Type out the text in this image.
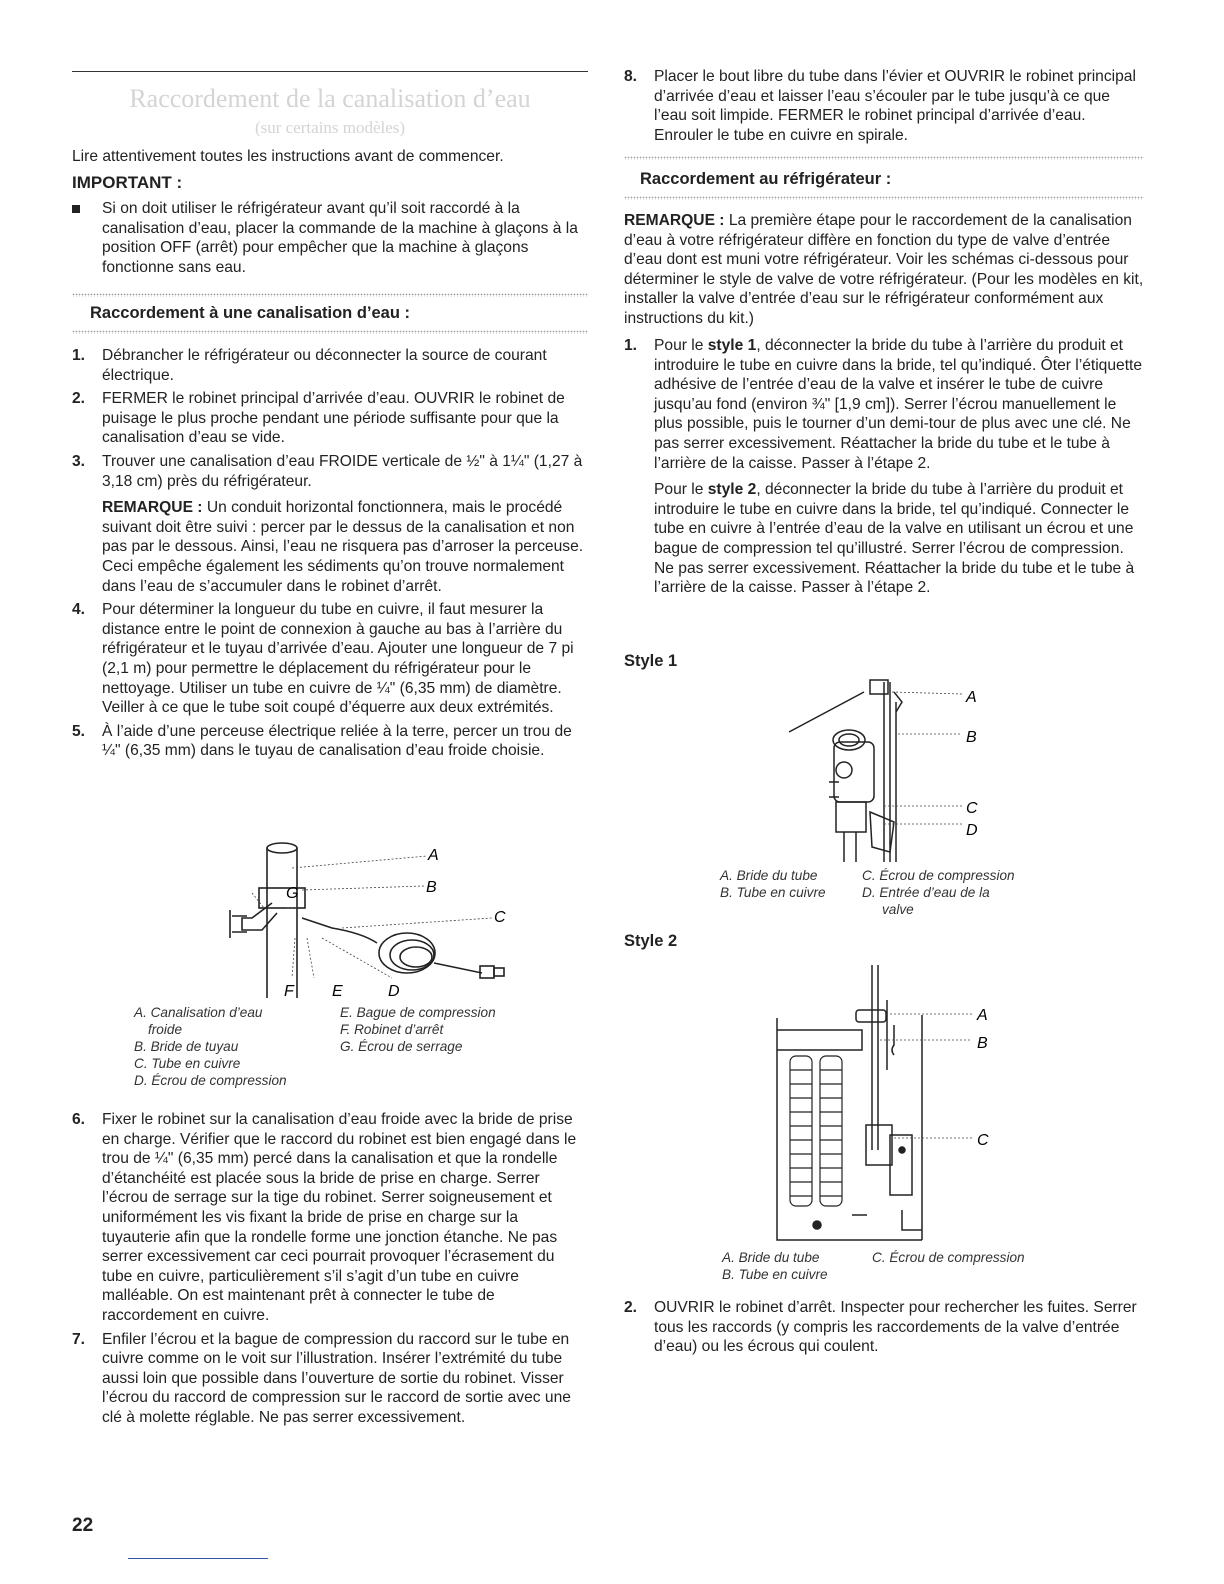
Raccordement de la canalisation d’eau
(sur certains modèles)

Lire attentivement toutes les instructions avant de commencer.

IMPORTANT :

Si on doit utiliser le réfrigérateur avant qu’il soit raccordé à la canalisation d’eau, placer la commande de la machine à glaçons à la position OFF (arrêt) pour empêcher que la machine à glaçons fonctionne sans eau.

Raccordement à une canalisation d’eau :
1. Débrancher le réfrigérateur ou déconnecter la source de courant électrique.

2. FERMER le robinet principal d’arrivée d’eau. OUVRIR le robinet de puisage le plus proche pendant une période suffisante pour que la canalisation d’eau se vide.

3. Trouver une canalisation d’eau FROIDE verticale de ½" à 1¼" (1,27 à 3,18 cm) près du réfrigérateur.

REMARQUE : Un conduit horizontal fonctionnera, mais le procédé suivant doit être suivi : percer par le dessus de la canalisation et non pas par le dessous. Ainsi, l’eau ne risquera pas d’arroser la perceuse. Ceci empêche également les sédiments qu’on trouve normalement dans l’eau de s’accumuler dans le robinet d’arrêt.

4. Pour déterminer la longueur du tube en cuivre, il faut mesurer la distance entre le point de connexion à gauche au bas à l’arrière du réfrigérateur et le tuyau d’arrivée d’eau. Ajouter une longueur de 7 pi (2,1 m) pour permettre le déplacement du réfrigérateur pour le nettoyage. Utiliser un tube en cuivre de ¼" (6,35 mm) de diamètre. Veiller à ce que le tube soit coupé d’équerre aux deux extrémités.

5. À l’aide d’une perceuse électrique reliée à la terre, percer un trou de ¼" (6,35 mm) dans le tuyau de canalisation d’eau froide choisie.

A
B
C
F E	D
G
A. Canalisation d’eau
froide
B. Bride de tuyau
C. Tube en cuivre
D. Écrou de compression
E. Bague de compression
F. Robinet d’arrêt
G. Écrou de serrage
6. Fixer le robinet sur la canalisation d’eau froide avec la bride de prise en charge. Vérifier que le raccord du robinet est bien engagé dans le trou de ¼" (6,35 mm) percé dans la canalisation et que la rondelle d’étanchéité est placée sous la bride de prise en charge. Serrer l’écrou de serrage sur la tige du robinet. Serrer soigneusement et uniformément les vis fixant la bride de prise en charge sur la tuyauterie afin que la rondelle forme une jonction étanche. Ne pas serrer excessivement car ceci pourrait provoquer l’écrasement du tube en cuivre, particulièrement s’il s’agit d’un tube en cuivre malléable. On est maintenant prêt à connecter le tube de raccordement en cuivre.

7. Enfiler l’écrou et la bague de compression du raccord sur le tube en cuivre comme on le voit sur l’illustration. Insérer l’extrémité du tube aussi loin que possible dans l’ouverture de sortie du robinet. Visser l’écrou du raccord de compression sur le raccord de sortie avec une clé à molette réglable. Ne pas serrer excessivement.

8. Placer le bout libre du tube dans l’évier et OUVRIR le robinet principal d’arrivée d’eau et laisser l’eau s’écouler par le tube jusqu’à ce que l’eau soit limpide. FERMER le robinet principal d’arrivée d’eau. Enrouler le tube en cuivre en spirale.

Raccordement au réfrigérateur :

REMARQUE : La première étape pour le raccordement de la canalisation d’eau à votre réfrigérateur diffère en fonction du type de valve d’entrée d’eau dont est muni votre réfrigérateur. Voir les schémas ci-dessous pour déterminer le style de valve de votre réfrigérateur. (Pour les modèles en kit, installer la valve d’entrée d’eau sur le réfrigérateur conformément aux instructions du kit.)

1. Pour le style 1, déconnecter la bride du tube à l’arrière du produit et introduire le tube en cuivre dans la bride, tel qu’indiqué. Ôter l’étiquette adhésive de l’entrée d’eau de la valve et insérer le tube de cuivre jusqu’au fond (environ ¾" [1,9 cm]). Serrer l’écrou manuellement le plus possible, puis le tourner d’un demi-tour de plus avec une clé. Ne pas serrer excessivement. Réattacher la bride du tube et le tube à l’arrière de la caisse. Passer à l’étape 2.

Pour le style 2, déconnecter la bride du tube à l’arrière du produit et introduire le tube en cuivre dans la bride, tel qu’indiqué. Connecter le tube en cuivre à l’entrée d’eau de la valve en utilisant un écrou et une bague de compression tel qu’illustré. Serrer l’écrou de compression. Ne pas serrer excessivement. Réattacher la bride du tube et le tube à l’arrière de la caisse. Passer à l’étape 2.

Style 1
A
B
C
D
A. Bride du tube
B. Tube en cuivre
C. Écrou de compression
D. Entrée d’eau de la
valve
Style 2
A
B
C
A. Bride du tube
B. Tube en cuivre
C. Écrou de compression
2. OUVRIR le robinet d’arrêt. Inspecter pour rechercher les fuites. Serrer tous les raccords (y compris les raccordements de la valve d’entrée d’eau) ou les écrous qui coulent.

22
